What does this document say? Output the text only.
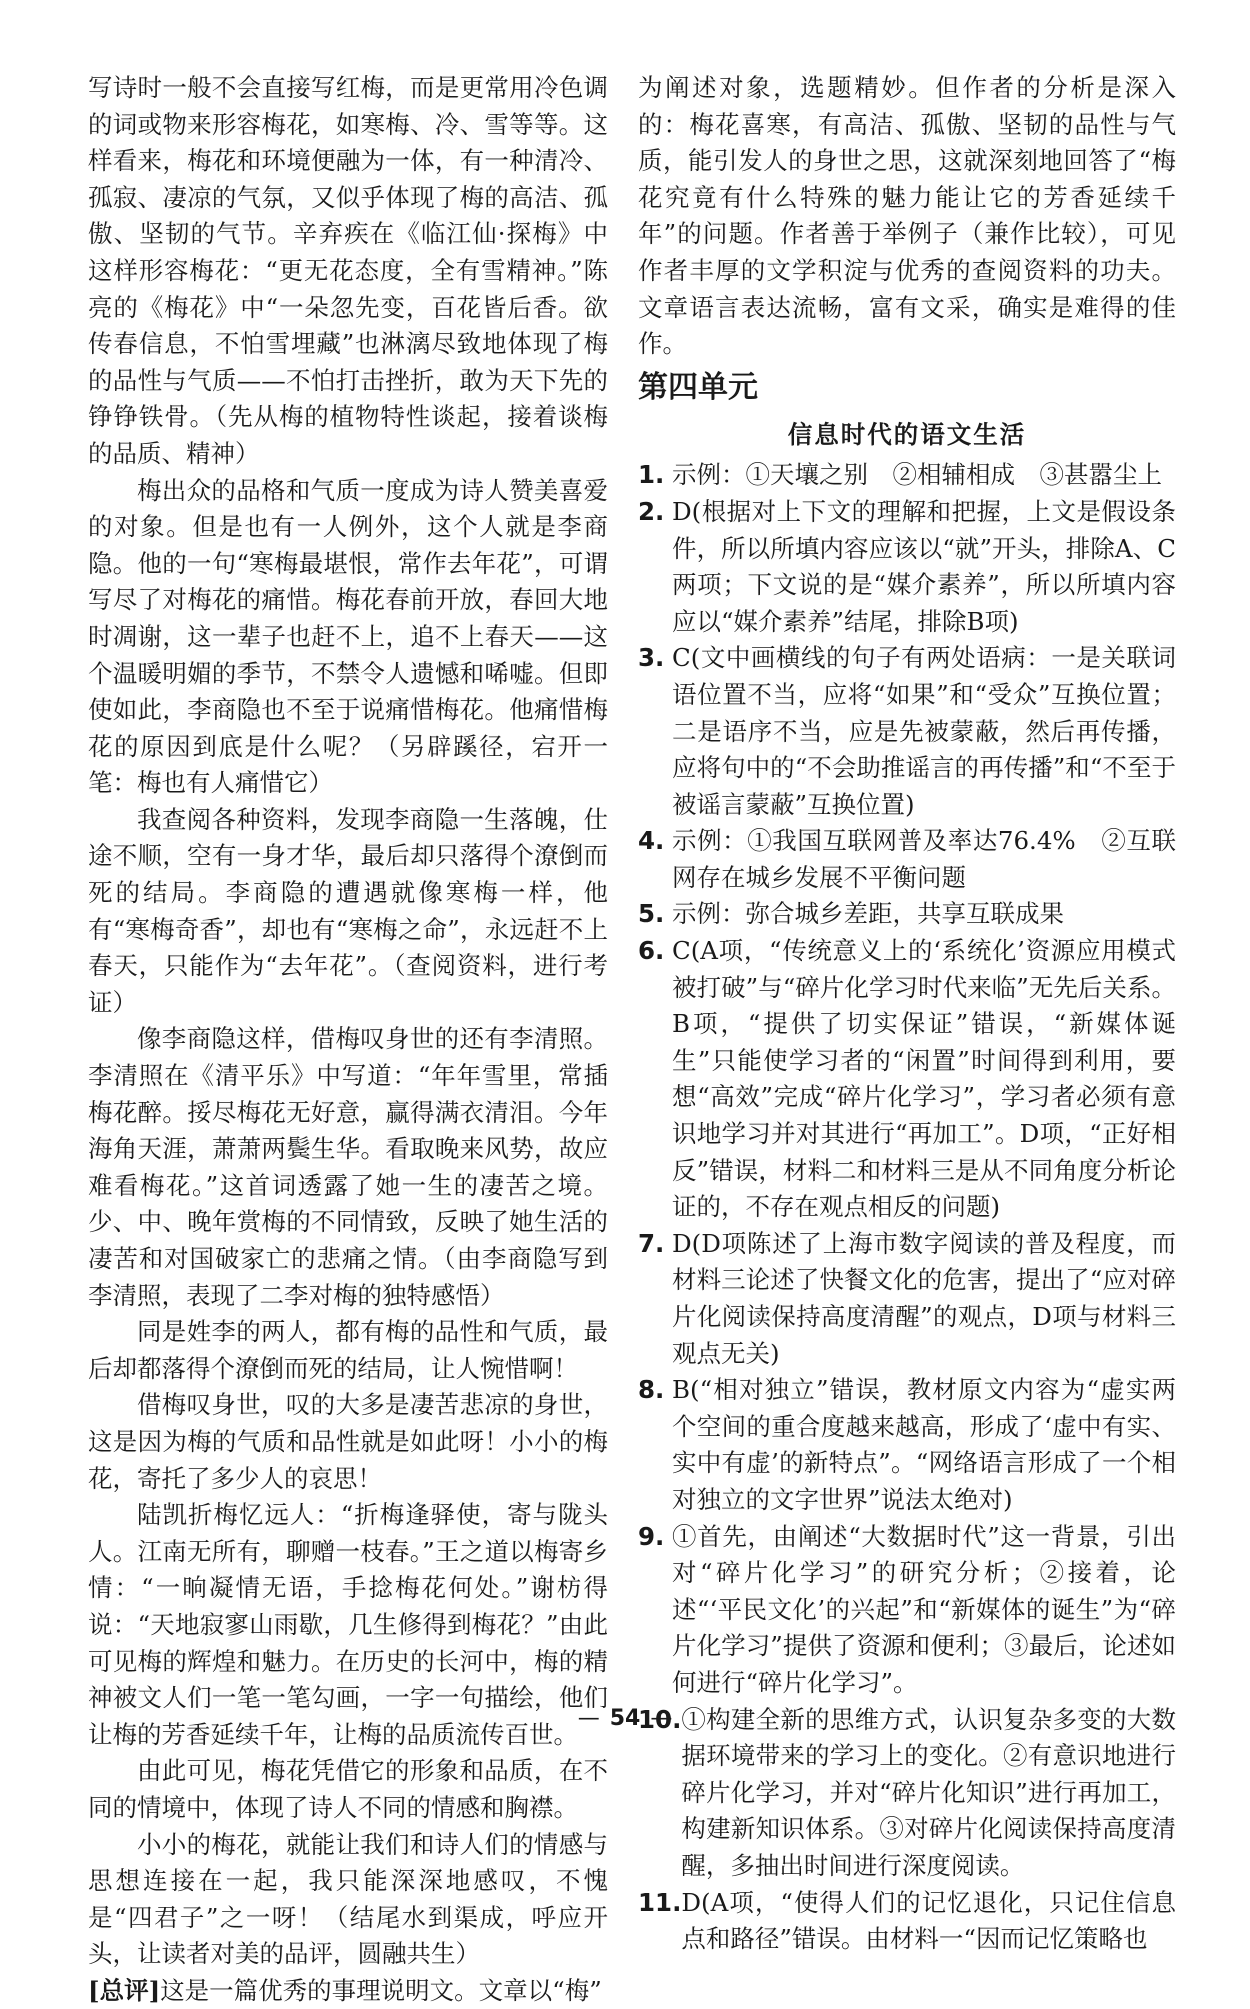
写诗时一般不会直接写红梅，而是更常用冷色调的词或物来形容梅花，如寒梅、冷、雪等等。这样看来，梅花和环境便融为一体，有一种清冷、孤寂、凄凉的气氛，又似乎体现了梅的高洁、孤傲、坚韧的气节。辛弃疾在《临江仙·探梅》中这样形容梅花：“更无花态度，全有雪精神。”陈亮的《梅花》中“一朵忽先变，百花皆后香。欲传春信息，不怕雪埋藏”也淋漓尽致地体现了梅的品性与气质——不怕打击挫折，敢为天下先的铮铮铁骨。（先从梅的植物特性谈起，接着谈梅的品质、精神）

梅出众的品格和气质一度成为诗人赞美喜爱的对象。但是也有一人例外，这个人就是李商隐。他的一句“寒梅最堪恨，常作去年花”，可谓写尽了对梅花的痛惜。梅花春前开放，春回大地时凋谢，这一辈子也赶不上，追不上春天——这个温暖明媚的季节，不禁令人遗憾和唏嘘。但即使如此，李商隐也不至于说痛惜梅花。他痛惜梅花的原因到底是什么呢？（另辟蹊径，宕开一笔：梅也有人痛惜它）

我查阅各种资料，发现李商隐一生落魄，仕途不顺，空有一身才华，最后却只落得个潦倒而死的结局。李商隐的遭遇就像寒梅一样，他有“寒梅奇香”，却也有“寒梅之命”，永远赶不上春天，只能作为“去年花”。（查阅资料，进行考证）

像李商隐这样，借梅叹身世的还有李清照。李清照在《清平乐》中写道：“年年雪里，常插梅花醉。挼尽梅花无好意，赢得满衣清泪。今年海角天涯，萧萧两鬓生华。看取晚来风势，故应难看梅花。”这首词透露了她一生的凄苦之境。少、中、晚年赏梅的不同情致，反映了她生活的凄苦和对国破家亡的悲痛之情。（由李商隐写到李清照，表现了二李对梅的独特感悟）

同是姓李的两人，都有梅的品性和气质，最后却都落得个潦倒而死的结局，让人惋惜啊！

借梅叹身世，叹的大多是凄苦悲凉的身世，这是因为梅的气质和品性就是如此呀！小小的梅花，寄托了多少人的哀思！

陆凯折梅忆远人：“折梅逢驿使，寄与陇头人。江南无所有，聊赠一枝春。”王之道以梅寄乡情：“一晌凝情无语，手捻梅花何处。”谢枋得说：“天地寂寥山雨歇，几生修得到梅花？”由此可见梅的辉煌和魅力。在历史的长河中，梅的精神被文人们一笔一笔勾画，一字一句描绘，他们让梅的芳香延续千年，让梅的品质流传百世。

由此可见，梅花凭借它的形象和品质，在不同的情境中，体现了诗人不同的情感和胸襟。

小小的梅花，就能让我们和诗人们的情感与思想连接在一起，我只能深深地感叹，不愧是“四君子”之一呀！（结尾水到渠成，呼应开头，让读者对美的品评，圆融共生）

[总评]这是一篇优秀的事理说明文。文章以“梅”

为阐述对象，选题精妙。但作者的分析是深入的：梅花喜寒，有高洁、孤傲、坚韧的品性与气质，能引发人的身世之思，这就深刻地回答了“梅花究竟有什么特殊的魅力能让它的芳香延续千年”的问题。作者善于举例子（兼作比较），可见作者丰厚的文学积淀与优秀的查阅资料的功夫。文章语言表达流畅，富有文采，确实是难得的佳作。

第四单元
信息时代的语文生活
1. 示例：①天壤之别　②相辅相成　③甚嚣尘上
2. D(根据对上下文的理解和把握，上文是假设条件，所以所填内容应该以“就”开头，排除A、C两项；下文说的是“媒介素养”，所以所填内容应以“媒介素养”结尾，排除B项)
3. C(文中画横线的句子有两处语病：一是关联词语位置不当，应将“如果”和“受众”互换位置；二是语序不当，应是先被蒙蔽，然后再传播，应将句中的“不会助推谣言的再传播”和“不至于被谣言蒙蔽”互换位置)
4. 示例：①我国互联网普及率达76.4%　②互联网存在城乡发展不平衡问题
5. 示例：弥合城乡差距，共享互联成果
6. C(A项，“传统意义上的‘系统化’资源应用模式被打破”与“碎片化学习时代来临”无先后关系。B项，“提供了切实保证”错误，“新媒体诞生”只能使学习者的“闲置”时间得到利用，要想“高效”完成“碎片化学习”，学习者必须有意识地学习并对其进行“再加工”。D项，“正好相反”错误，材料二和材料三是从不同角度分析论证的，不存在观点相反的问题)
7. D(D项陈述了上海市数字阅读的普及程度，而材料三论述了快餐文化的危害，提出了“应对碎片化阅读保持高度清醒”的观点，D项与材料三观点无关)
8. B(“相对独立”错误，教材原文内容为“虚实两个空间的重合度越来越高，形成了‘虚中有实、实中有虚’的新特点”。“网络语言形成了一个相对独立的文字世界”说法太绝对)
9. ①首先，由阐述“大数据时代”这一背景，引出对“碎片化学习”的研究分析；②接着，论述“‘平民文化’的兴起”和“新媒体的诞生”为“碎片化学习”提供了资源和便利；③最后，论述如何进行“碎片化学习”。
10. ①构建全新的思维方式，认识复杂多变的大数据环境带来的学习上的变化。②有意识地进行碎片化学习，并对“碎片化知识”进行再加工，构建新知识体系。③对碎片化阅读保持高度清醒，多抽出时间进行深度阅读。
11. D(A项，“使得人们的记忆退化，只记住信息点和路径”错误。由材料一“因而记忆策略也
— 54 —
